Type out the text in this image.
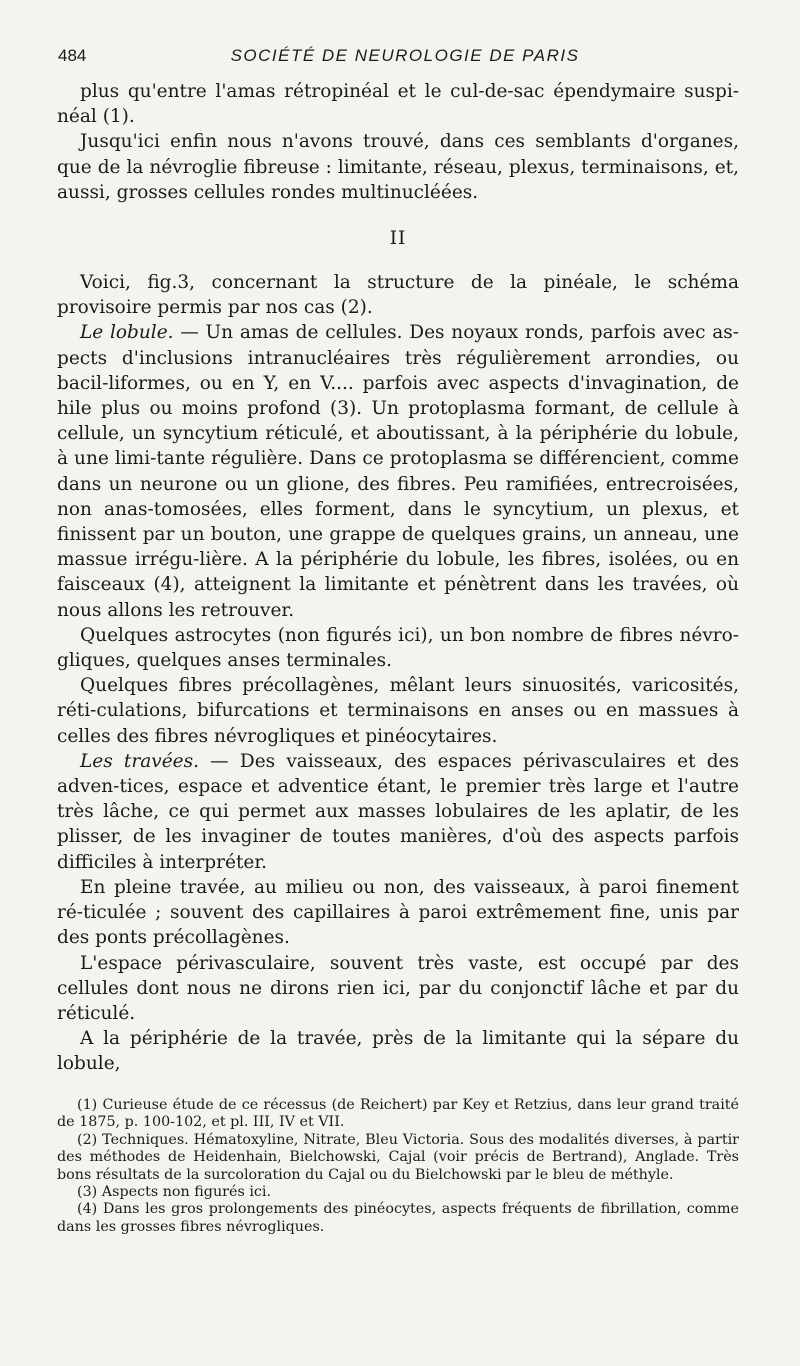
484	SOCIÉTÉ DE NEUROLOGIE DE PARIS

plus qu'entre l'amas rétropinéal et le cul-de-sac épendymaire suspi-néal (1).

Jusqu'ici enfin nous n'avons trouvé, dans ces semblants d'organes, que de la névroglie fibreuse : limitante, réseau, plexus, terminaisons, et, aussi, grosses cellules rondes multinucléées.

II

Voici, fig.3, concernant la structure de la pinéale, le schéma provisoire permis par nos cas (2).

Le lobule. — Un amas de cellules. Des noyaux ronds, parfois avec as-pects d'inclusions intranucléaires très régulièrement arrondies, ou bacil-liformes, ou en Y, en V.... parfois avec aspects d'invagination, de hile plus ou moins profond (3). Un protoplasma formant, de cellule à cellule, un syncytium réticulé, et aboutissant, à la périphérie du lobule, à une limi-tante régulière. Dans ce protoplasma se différencient, comme dans un neurone ou un glione, des fibres. Peu ramifiées, entrecroisées, non anas-tomosées, elles forment, dans le syncytium, un plexus, et finissent par un bouton, une grappe de quelques grains, un anneau, une massue irrégu-lière. A la périphérie du lobule, les fibres, isolées, ou en faisceaux (4), atteignent la limitante et pénètrent dans les travées, où nous allons les retrouver.

Quelques astrocytes (non figurés ici), un bon nombre de fibres névro-gliques, quelques anses terminales.

Quelques fibres précollagènes, mêlant leurs sinuosités, varicosités, réti-culations, bifurcations et terminaisons en anses ou en massues à celles des fibres névrogliques et pinéocytaires.

Les travées. — Des vaisseaux, des espaces périvasculaires et des adven-tices, espace et adventice étant, le premier très large et l'autre très lâche, ce qui permet aux masses lobulaires de les aplatir, de les plisser, de les invaginer de toutes manières, d'où des aspects parfois difficiles à interpréter.

En pleine travée, au milieu ou non, des vaisseaux, à paroi finement ré-ticulée ; souvent des capillaires à paroi extrêmement fine, unis par des ponts précollagènes.

L'espace périvasculaire, souvent très vaste, est occupé par des cellules dont nous ne dirons rien ici, par du conjonctif lâche et par du réticulé.

A la périphérie de la travée, près de la limitante qui la sépare du lobule,

(1) Curieuse étude de ce récessus (de Reichert) par Key et Retzius, dans leur grand traité de 1875, p. 100-102, et pl. III, IV et VII.

(2) Techniques. Hématoxyline, Nitrate, Bleu Victoria. Sous des modalités diverses, à partir des méthodes de Heidenhain, Bielchowski, Cajal (voir précis de Bertrand), Anglade. Très bons résultats de la surcoloration du Cajal ou du Bielchowski par le bleu de méthyle.

(3) Aspects non figurés ici.

(4) Dans les gros prolongements des pinéocytes, aspects fréquents de fibrillation, comme dans les grosses fibres névrogliques.
